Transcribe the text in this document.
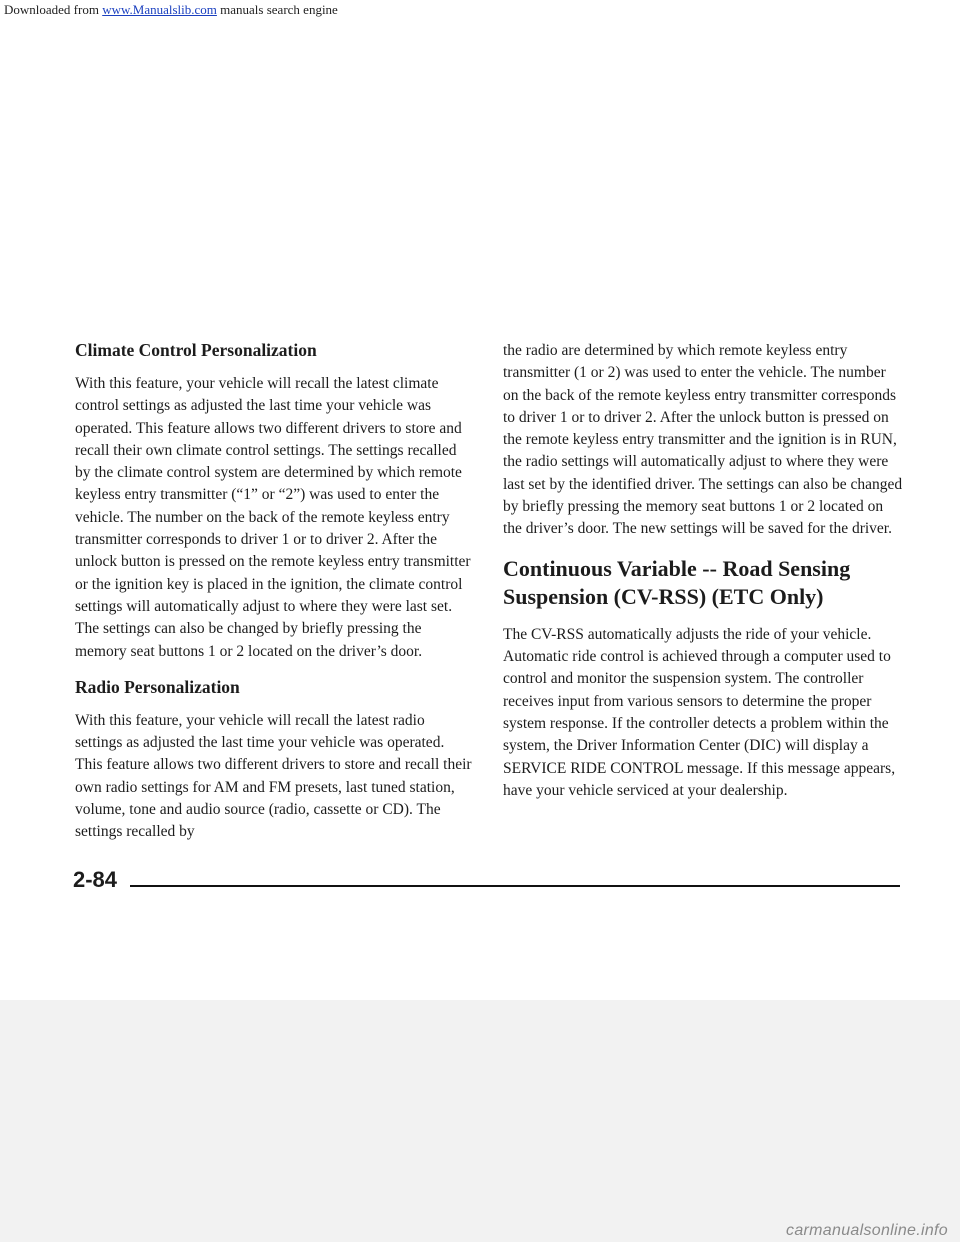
Downloaded from www.Manualslib.com manuals search engine
Climate Control Personalization

With this feature, your vehicle will recall the latest climate control settings as adjusted the last time your vehicle was operated. This feature allows two different drivers to store and recall their own climate control settings. The settings recalled by the climate control system are determined by which remote keyless entry transmitter (“1” or “2”) was used to enter the vehicle. The number on the back of the remote keyless entry transmitter corresponds to driver 1 or to driver 2. After the unlock button is pressed on the remote keyless entry transmitter or the ignition key is placed in the ignition, the climate control settings will automatically adjust to where they were last set. The settings can also be changed by briefly pressing the memory seat buttons 1 or 2 located on the driver’s door.

Radio Personalization

With this feature, your vehicle will recall the latest radio settings as adjusted the last time your vehicle was operated. This feature allows two different drivers to store and recall their own radio settings for AM and FM presets, last tuned station, volume, tone and audio source (radio, cassette or CD). The settings recalled by

the radio are determined by which remote keyless entry transmitter (1 or 2) was used to enter the vehicle. The number on the back of the remote keyless entry transmitter corresponds to driver 1 or to driver 2. After the unlock button is pressed on the remote keyless entry transmitter and the ignition is in RUN, the radio settings will automatically adjust to where they were last set by the identified driver. The settings can also be changed by briefly pressing the memory seat buttons 1 or 2 located on the driver’s door. The new settings will be saved for the driver.

Continuous Variable -- Road Sensing Suspension (CV-RSS) (ETC Only)

The CV-RSS automatically adjusts the ride of your vehicle. Automatic ride control is achieved through a computer used to control and monitor the suspension system. The controller receives input from various sensors to determine the proper system response. If the controller detects a problem within the system, the Driver Information Center (DIC) will display a SERVICE RIDE CONTROL message. If this message appears, have your vehicle serviced at your dealership.

2-84
carmanualsonline.info
